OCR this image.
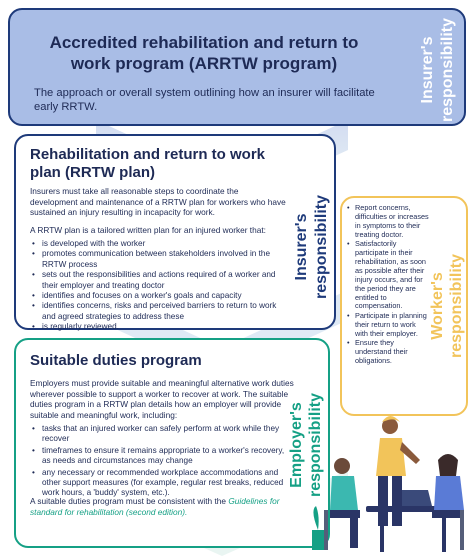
Accredited rehabilitation and return to work program (ARRTW program)
The approach or overall system outlining how an insurer will facilitate early RRTW.
Insurer's responsibility
Rehabilitation and return to work plan (RRTW plan)
Insurers must take all reasonable steps to coordinate the development and maintenance of a RRTW plan for workers who have sustained an injury resulting in incapacity for work.
A RRTW plan is a tailored written plan for an injured worker that:
• is developed with the worker
• promotes communication between stakeholders involved in the RRTW process
• sets out the responsibilities and actions required of a worker and their employer and treating doctor
• identifies and focuses on a worker's goals and capacity
• identifies concerns, risks and perceived barriers to return to work and agreed strategies to address these
• is regularly reviewed.
Insurer's responsibility
•	Report concerns, difficulties or increases in symptoms to their treating doctor.
• Satisfactorily participate in their rehabilitation, as soon as possible after their injury occurs, and for the period they are entitled to compensation.
• Participate in planning their return to work with their employer.
• Ensure they understand their obligations.
Worker's responsibility
Suitable duties program
Employers must provide suitable and meaningful alternative work duties wherever possible to support a worker to recover at work. The suitable duties program in a RRTW plan details how an employer will provide suitable and meaningful work, including:
• tasks that an injured worker can safely perform at work while they recover
• timeframes to ensure it remains appropriate to a worker's recovery, as needs and circumstances may change
• any necessary or recommended workplace accommodations and other support measures (for example, regular rest breaks, reduced work hours, a 'buddy' system, etc.).
A suitable duties program must be consistent with the Guidelines for standard for rehabilitation (second edition).
Employer's responsibility
